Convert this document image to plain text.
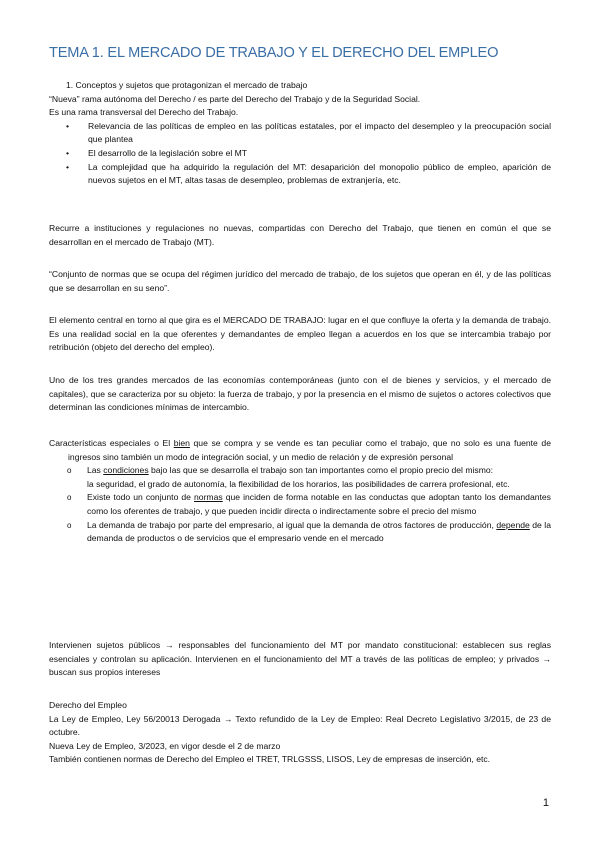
TEMA 1. EL MERCADO DE TRABAJO Y EL DERECHO DEL EMPLEO

1. Conceptos y sujetos que protagonizan el mercado de trabajo

“Nueva” rama autónoma del Derecho / es parte del Derecho del Trabajo y de la Seguridad Social.

Es una rama transversal del Derecho del Trabajo.

•	Relevancia de las políticas de empleo en las políticas estatales, por el impacto del desempleo y la preocupación social que plantea
•	El desarrollo de la legislación sobre el MT
•	La complejidad que ha adquirido la regulación del MT: desaparición del monopolio público de empleo, aparición de nuevos sujetos en el MT, altas tasas de desempleo, problemas de extranjería, etc.

Recurre a instituciones y regulaciones no nuevas, compartidas con Derecho del Trabajo, que tienen en común el que se desarrollan en el mercado de Trabajo (MT).

“Conjunto de normas que se ocupa del régimen jurídico del mercado de trabajo, de los sujetos que operan en él, y de las políticas que se desarrollan en su seno”.

El elemento central en torno al que gira es el MERCADO DE TRABAJO: lugar en el que confluye la oferta y la demanda de trabajo. Es una realidad social en la que oferentes y demandantes de empleo llegan a acuerdos en los que se intercambia trabajo por retribución (objeto del derecho del empleo).

Uno de los tres grandes mercados de las economías contemporáneas (junto con el de bienes y servicios, y el mercado de capitales), que se caracteriza por su objeto: la fuerza de trabajo, y por la presencia en el mismo de sujetos o actores colectivos que determinan las condiciones mínimas de intercambio.

Características especiales o El bien que se compra y se vende es tan peculiar como el trabajo, que no solo es una fuente de ingresos sino también un modo de integración social, y un medio de relación y de expresión personal

o	Las condiciones bajo las que se desarrolla el trabajo son tan importantes como el propio precio del mismo:
la seguridad, el grado de autonomía, la flexibilidad de los horarios, las posibilidades de carrera profesional, etc.
o	Existe todo un conjunto de normas que inciden de forma notable en las conductas que adoptan tanto los demandantes como los oferentes de trabajo, y que pueden incidir directa o indirectamente sobre el precio del mismo
o	La demanda de trabajo por parte del empresario, al igual que la demanda de otros factores de producción, depende de la demanda de productos o de servicios que el empresario vende en el mercado

Intervienen sujetos públicos → responsables del funcionamiento del MT por mandato constitucional: establecen sus reglas esenciales y controlan su aplicación. Intervienen en el funcionamiento del MT a través de las políticas de empleo; y privados → buscan sus propios intereses

Derecho del Empleo

La Ley de Empleo, Ley 56/20013 Derogada → Texto refundido de la Ley de Empleo: Real Decreto Legislativo 3/2015, de 23 de octubre.

Nueva Ley de Empleo, 3/2023, en vigor desde el 2 de marzo

También contienen normas de Derecho del Empleo el TRET, TRLGSSS, LISOS, Ley de empresas de inserción, etc.

1
